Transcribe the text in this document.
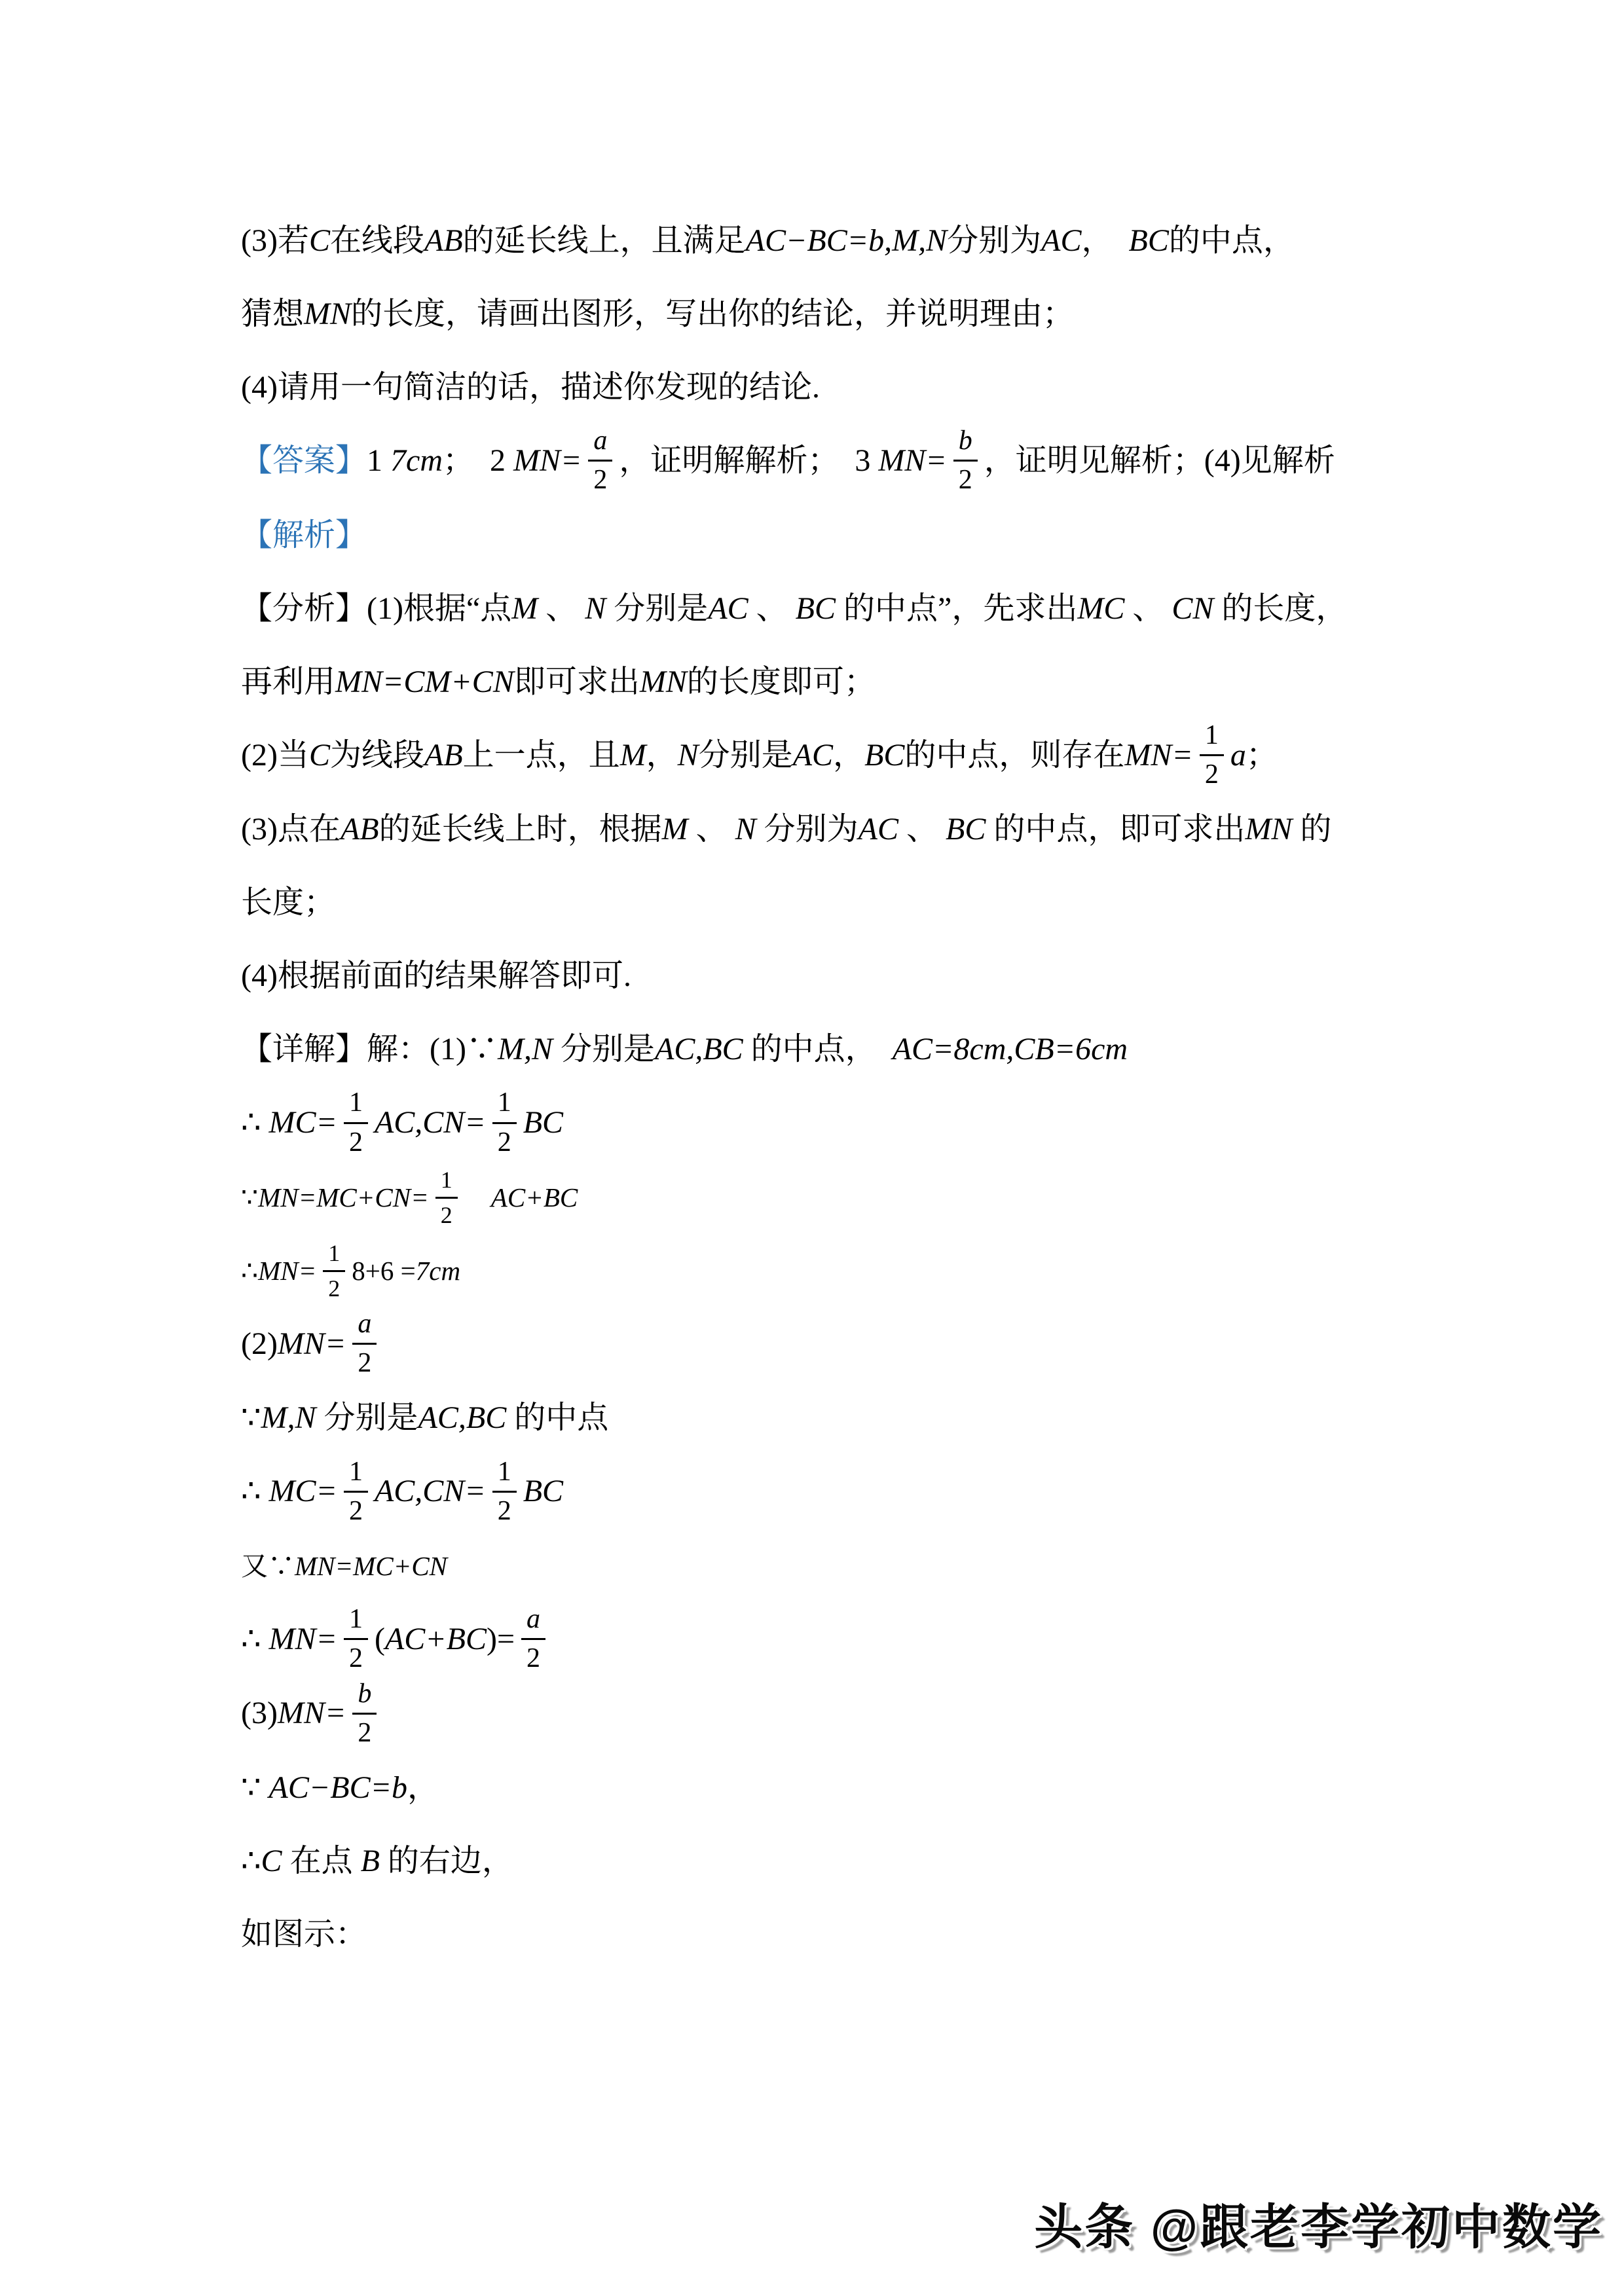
(3)若C在线段AB的延长线上，且满足AC−BC=b,M,N分别为AC，　BC的中点，
猜想MN的长度，请画出图形，写出你的结论，并说明理由；
(4)请用一句简洁的话，描述你发现的结论.
【答案】1 7cm；　2 $MN= \frac{a}{2}$ ，证明解解析；　3 $MN= \frac{b}{2}$ ，证明见解析；(4)见解析
【解析】
【分析】(1)根据“点M 、 N 分别是AC 、 BC 的中点”，先求出MC 、 CN 的长度，
再利用MN=CM+CN即可求出MN的长度即可；
(2)当C为线段AB上一点，且M，N分别是AC，BC的中点，则存在$MN= \frac{1}{2}$ a；
(3)点在AB的延长线上时，根据M 、 N 分别为AC 、 BC 的中点，即可求出MN 的
长度；
(4)根据前面的结果解答即可.
【详解】解：(1)∵M,N 分别是AC,BC 的中点，　AC=8cm,CB=6cm
∴ $MC= \frac{1}{2} AC,CN= \frac{1}{2}$ BC
∵MN=MC+CN= $\frac{1}{2}$
　 AC+BC
∴MN= $\frac{1}{2} 8+6 =7cm$
$(2)MN= \frac{a}{2}$
∵M,N 分别是AC,BC 的中点
∴ $MC= \frac{1}{2} AC,CN= \frac{1}{2}$ BC
又∵MN=MC+CN
∴ $MN= \frac{1}{2} (AC+BC)= \frac{a}{2}$
$(3)MN= \frac{b}{2}$
∵ AC−BC=b，
∴C 在点 B 的右边，
如图示：
头条 @跟老李学初中数学
